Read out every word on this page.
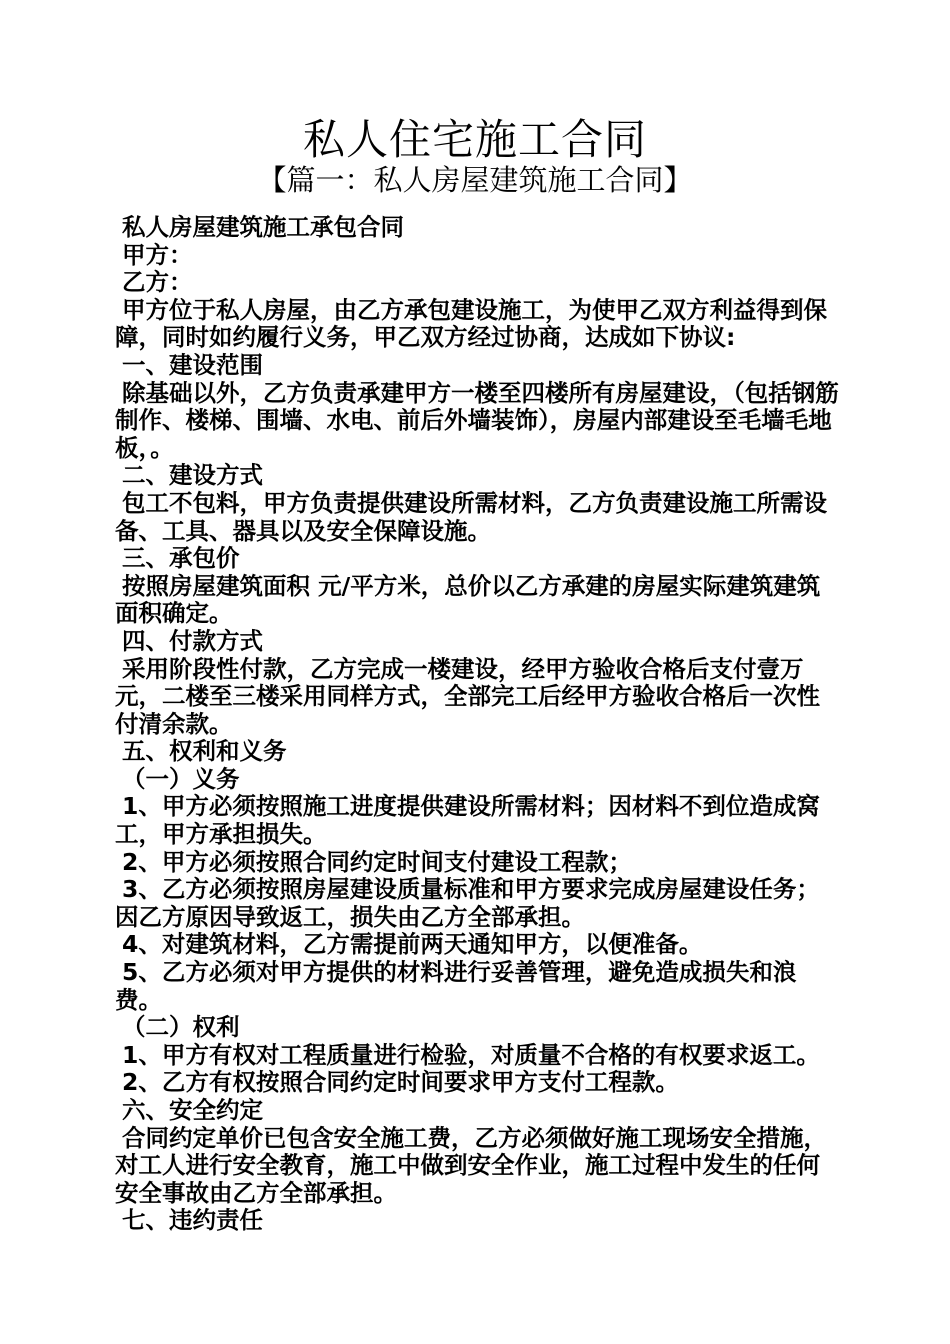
私人住宅施工合同
【篇一：私人房屋建筑施工合同】

私人房屋建筑施工承包合同

甲方：

乙方：

甲方位于私人房屋，由乙方承包建设施工，为使甲乙双方利益得到保障，同时如约履行义务，甲乙双方经过协商，达成如下协议:

一、建设范围

除基础以外，乙方负责承建甲方一楼至四楼所有房屋建设，（包括钢筋制作、楼梯、围墙、水电、前后外墙装饰），房屋内部建设至毛墙毛地板，。

二、建设方式

包工不包料，甲方负责提供建设所需材料，乙方负责建设施工所需设备、工具、器具以及安全保障设施。

三、承包价

按照房屋建筑面积 元/平方米，总价以乙方承建的房屋实际建筑建筑面积确定。

四、付款方式

采用阶段性付款，乙方完成一楼建设，经甲方验收合格后支付壹万元，二楼至三楼采用同样方式，全部完工后经甲方验收合格后一次性付清余款。

五、权利和义务

（一）义务

1、甲方必须按照施工进度提供建设所需材料；因材料不到位造成窝工，甲方承担损失。

2、甲方必须按照合同约定时间支付建设工程款；

3、乙方必须按照房屋建设质量标准和甲方要求完成房屋建设任务；因乙方原因导致返工，损失由乙方全部承担。

4、对建筑材料，乙方需提前两天通知甲方，以便准备。

5、乙方必须对甲方提供的材料进行妥善管理，避免造成损失和浪费。

（二）权利

1、甲方有权对工程质量进行检验，对质量不合格的有权要求返工。

2、乙方有权按照合同约定时间要求甲方支付工程款。

六、安全约定

合同约定单价已包含安全施工费，乙方必须做好施工现场安全措施，对工人进行安全教育，施工中做到安全作业，施工过程中发生的任何安全事故由乙方全部承担。

七、违约责任
